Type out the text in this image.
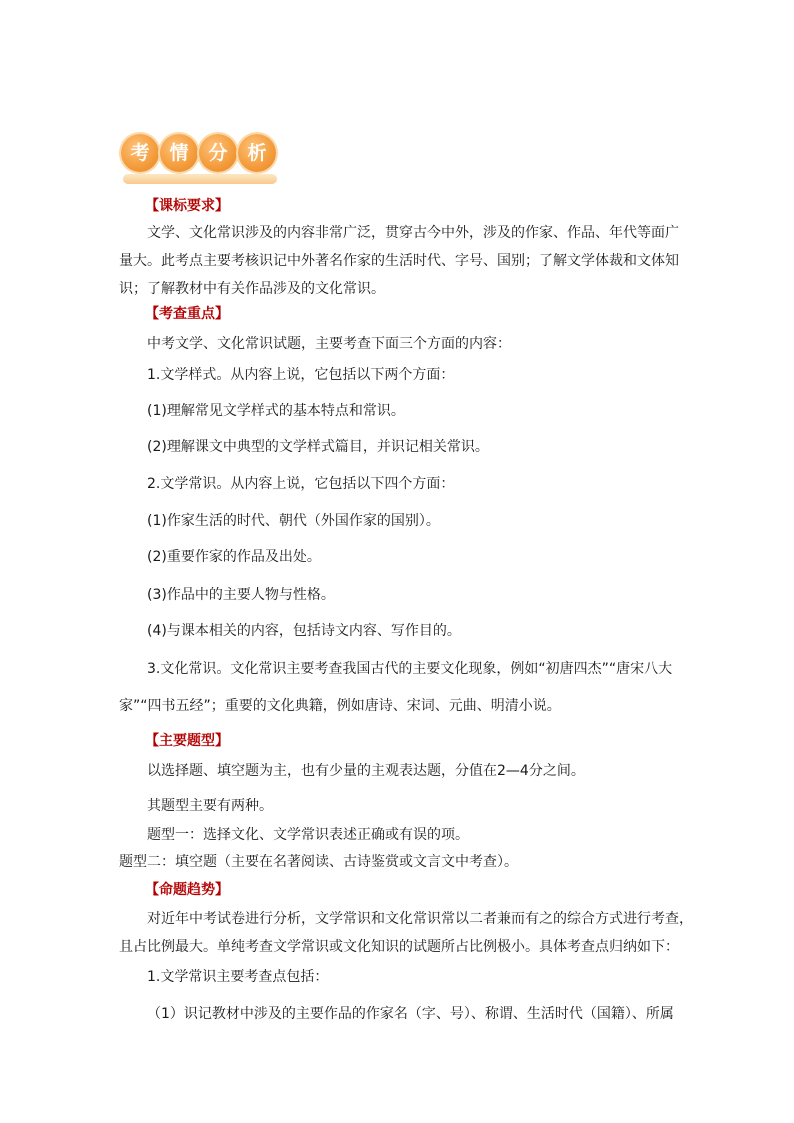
考	情	分	析
【课标要求】
文学、文化常识涉及的内容非常广泛，贯穿古今中外，涉及的作家、作品、年代等面广
量大。此考点主要考核识记中外著名作家的生活时代、字号、国别；了解文学体裁和文体知
识；了解教材中有关作品涉及的文化常识。
【考查重点】
中考文学、文化常识试题，主要考查下面三个方面的内容：
1.文学样式。从内容上说，它包括以下两个方面：
(1)理解常见文学样式的基本特点和常识。
(2)理解课文中典型的文学样式篇目，并识记相关常识。
2.文学常识。从内容上说，它包括以下四个方面：
(1)作家生活的时代、朝代（外国作家的国别）。
(2)重要作家的作品及出处。
(3)作品中的主要人物与性格。
(4)与课本相关的内容，包括诗文内容、写作目的。
3.文化常识。文化常识主要考查我国古代的主要文化现象，例如“初唐四杰”“唐宋八大
家”“四书五经”；重要的文化典籍，例如唐诗、宋词、元曲、明清小说。
【主要题型】
以选择题、填空题为主，也有少量的主观表达题，分值在2—4分之间。
其题型主要有两种。
题型一：选择文化、文学常识表述正确或有误的项。
题型二：填空题（主要在名著阅读、古诗鉴赏或文言文中考查）。
【命题趋势】
对近年中考试卷进行分析，文学常识和文化常识常以二者兼而有之的综合方式进行考查，
且占比例最大。单纯考查文学常识或文化知识的试题所占比例极小。具体考查点归纳如下：
1.文学常识主要考查点包括：
（1）识记教材中涉及的主要作品的作家名（字、号）、称谓、生活时代（国籍）、所属
